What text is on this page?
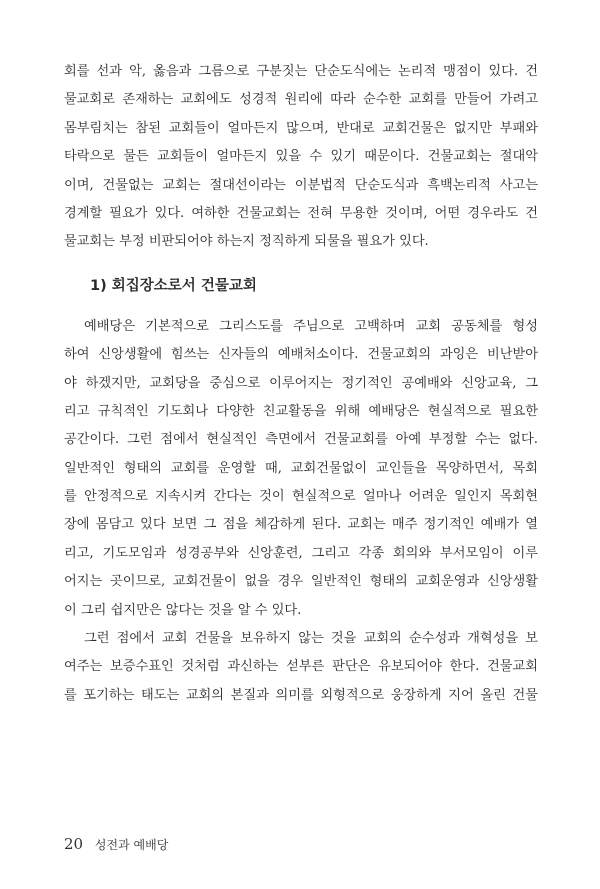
회를 선과 악, 옳음과 그름으로 구분짓는 단순도식에는 논리적 맹점이 있다. 건
물교회로 존재하는 교회에도 성경적 원리에 따라 순수한 교회를 만들어 가려고
몸부림치는 참된 교회들이 얼마든지 많으며, 반대로 교회건물은 없지만 부패와
타락으로 물든 교회들이 얼마든지 있을 수 있기 때문이다. 건물교회는 절대악
이며, 건물없는 교회는 절대선이라는 이분법적 단순도식과 흑백논리적 사고는
경계할 필요가 있다. 여하한 건물교회는 전혀 무용한 것이며, 어떤 경우라도 건
물교회는 부정 비판되어야 하는지 정직하게 되물을 필요가 있다.
1) 회집장소로서 건물교회
예배당은 기본적으로 그리스도를 주님으로 고백하며 교회 공동체를 형성
하여 신앙생활에 힘쓰는 신자들의 예배처소이다. 건물교회의 과잉은 비난받아
야 하겠지만, 교회당을 중심으로 이루어지는 정기적인 공예배와 신앙교육, 그
리고 규칙적인 기도회나 다양한 친교활동을 위해 예배당은 현실적으로 필요한
공간이다. 그런 점에서 현실적인 측면에서 건물교회를 아예 부정할 수는 없다.
일반적인 형태의 교회를 운영할 때, 교회건물없이 교인들을 목양하면서, 목회
를 안정적으로 지속시켜 간다는 것이 현실적으로 얼마나 어려운 일인지 목회현
장에 몸담고 있다 보면 그 점을 체감하게 된다. 교회는 매주 정기적인 예배가 열
리고, 기도모임과 성경공부와 신앙훈련, 그리고 각종 회의와 부서모임이 이루
어지는 곳이므로, 교회건물이 없을 경우 일반적인 형태의 교회운영과 신앙생활
이 그리 쉽지만은 않다는 것을 알 수 있다.
그런 점에서 교회 건물을 보유하지 않는 것을 교회의 순수성과 개혁성을 보
여주는 보증수표인 것처럼 과신하는 섣부른 판단은 유보되어야 한다. 건물교회
를 포기하는 태도는 교회의 본질과 의미를 외형적으로 웅장하게 지어 올린 건물
20 성전과 예배당
